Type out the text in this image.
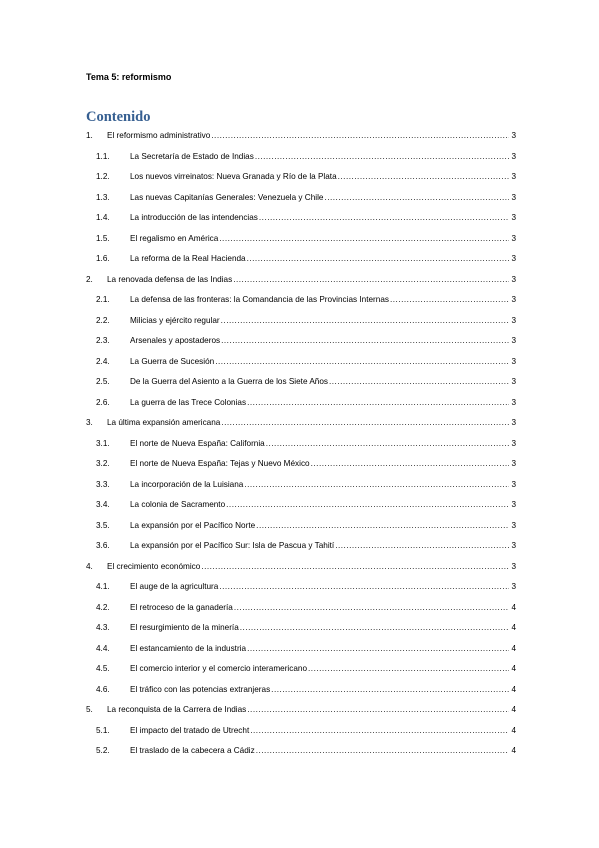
Tema 5: reformismo
Contenido
1.	El reformismo administrativo .....	3
1.1.	La Secretaría de Estado de Indias .....	3
1.2.	Los nuevos virreinatos: Nueva Granada y Río de la Plata .....	3
1.3.	Las nuevas Capitanías Generales: Venezuela y Chile .....	3
1.4.	La introducción de las intendencias .....	3
1.5.	El regalismo en América .....	3
1.6.	La reforma de la Real Hacienda .....	3
2.	La renovada defensa de las Indias .....	3
2.1.	La defensa de las fronteras: la Comandancia de las Provincias Internas .....	3
2.2.	Milicias y ejército regular .....	3
2.3.	Arsenales y apostaderos .....	3
2.4.	La Guerra de Sucesión .....	3
2.5.	De la Guerra del Asiento a la Guerra de los Siete Años .....	3
2.6.	La guerra de las Trece Colonias .....	3
3.	La última expansión americana .....	3
3.1.	El norte de Nueva España: California .....	3
3.2.	El norte de Nueva España: Tejas y Nuevo México .....	3
3.3.	La incorporación de la Luisiana .....	3
3.4.	La colonia de Sacramento .....	3
3.5.	La expansión por el Pacífico Norte .....	3
3.6.	La expansión por el Pacífico Sur: Isla de Pascua y Tahití .....	3
4.	El crecimiento económico .....	3
4.1.	El auge de la agricultura .....	3
4.2.	El retroceso de la ganadería .....	4
4.3.	El resurgimiento de la minería .....	4
4.4.	El estancamiento de la industria .....	4
4.5.	El comercio interior y el comercio interamericano .....	4
4.6.	El tráfico con las potencias extranjeras .....	4
5.	La reconquista de la Carrera de Indias .....	4
5.1.	El impacto del tratado de Utrecht .....	4
5.2.	El traslado de la cabecera a Cádiz .....	4
